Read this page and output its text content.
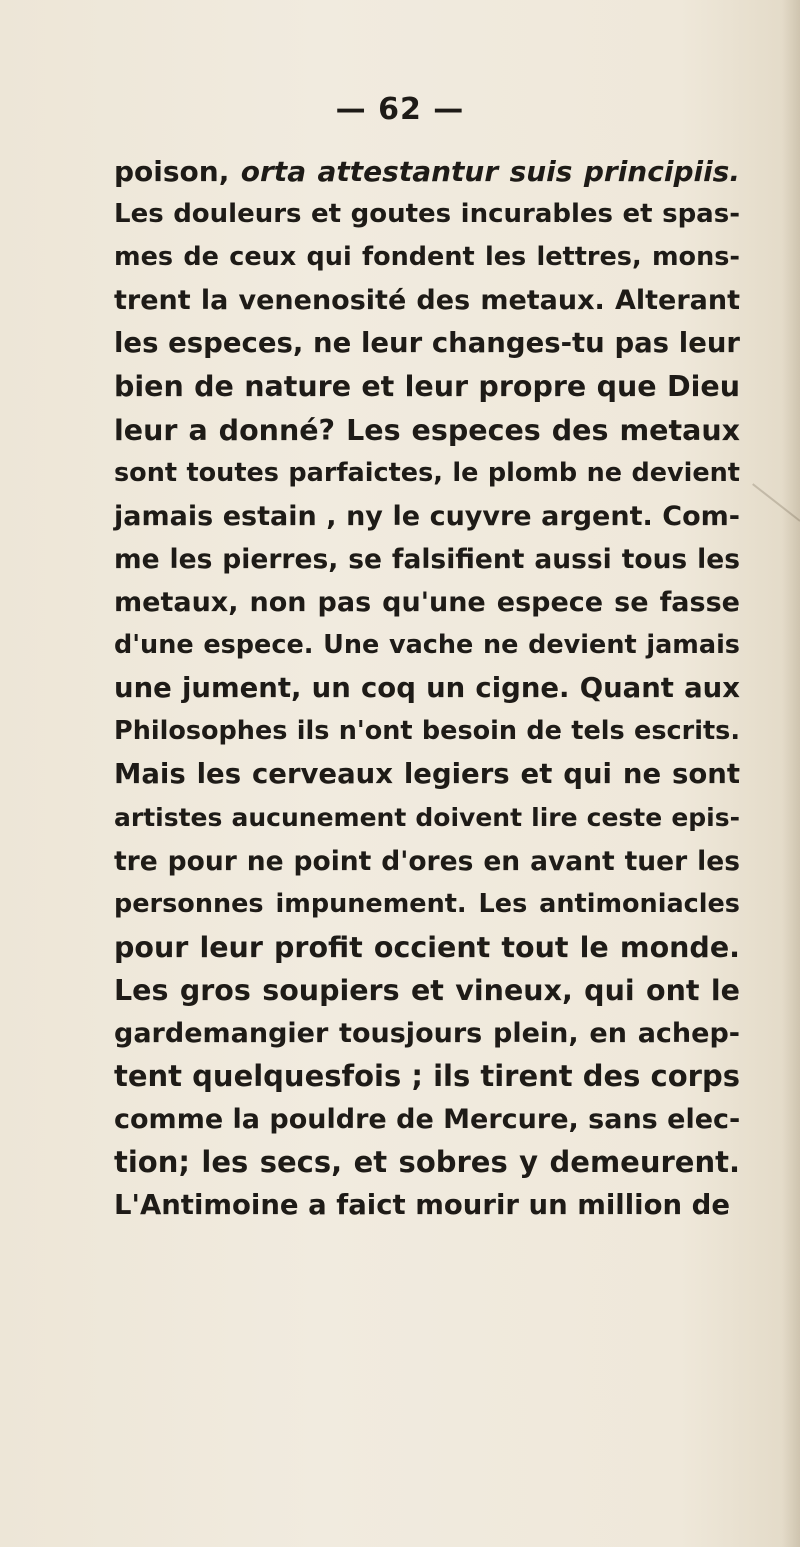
— 62 —
poison, orta attestantur suis principiis.
Les douleurs et goutes incurables et spas-
mes de ceux qui fondent les lettres, mons-
trent la venenosité des metaux. Alterant
les especes, ne leur changes-tu pas leur
bien de nature et leur propre que Dieu
leur a donné? Les especes des metaux
sont toutes parfaictes, le plomb ne devient
jamais estain , ny le cuyvre argent. Com-
me les pierres, se falsifient aussi tous les
metaux, non pas qu'une espece se fasse
d'une espece. Une vache ne devient jamais
une jument, un coq un cigne. Quant aux
Philosophes ils n'ont besoin de tels escrits.
Mais les cerveaux legiers et qui ne sont
artistes aucunement doivent lire ceste epis-
tre pour ne point d'ores en avant tuer les
personnes impunement. Les antimoniacles
pour leur profit occient tout le monde.
Les gros soupiers et vineux, qui ont le
gardemangier tousjours plein, en achep-
tent quelquesfois ; ils tirent des corps
comme la pouldre de Mercure, sans elec-
tion; les secs, et sobres y demeurent.
L'Antimoine a faict mourir un million de
